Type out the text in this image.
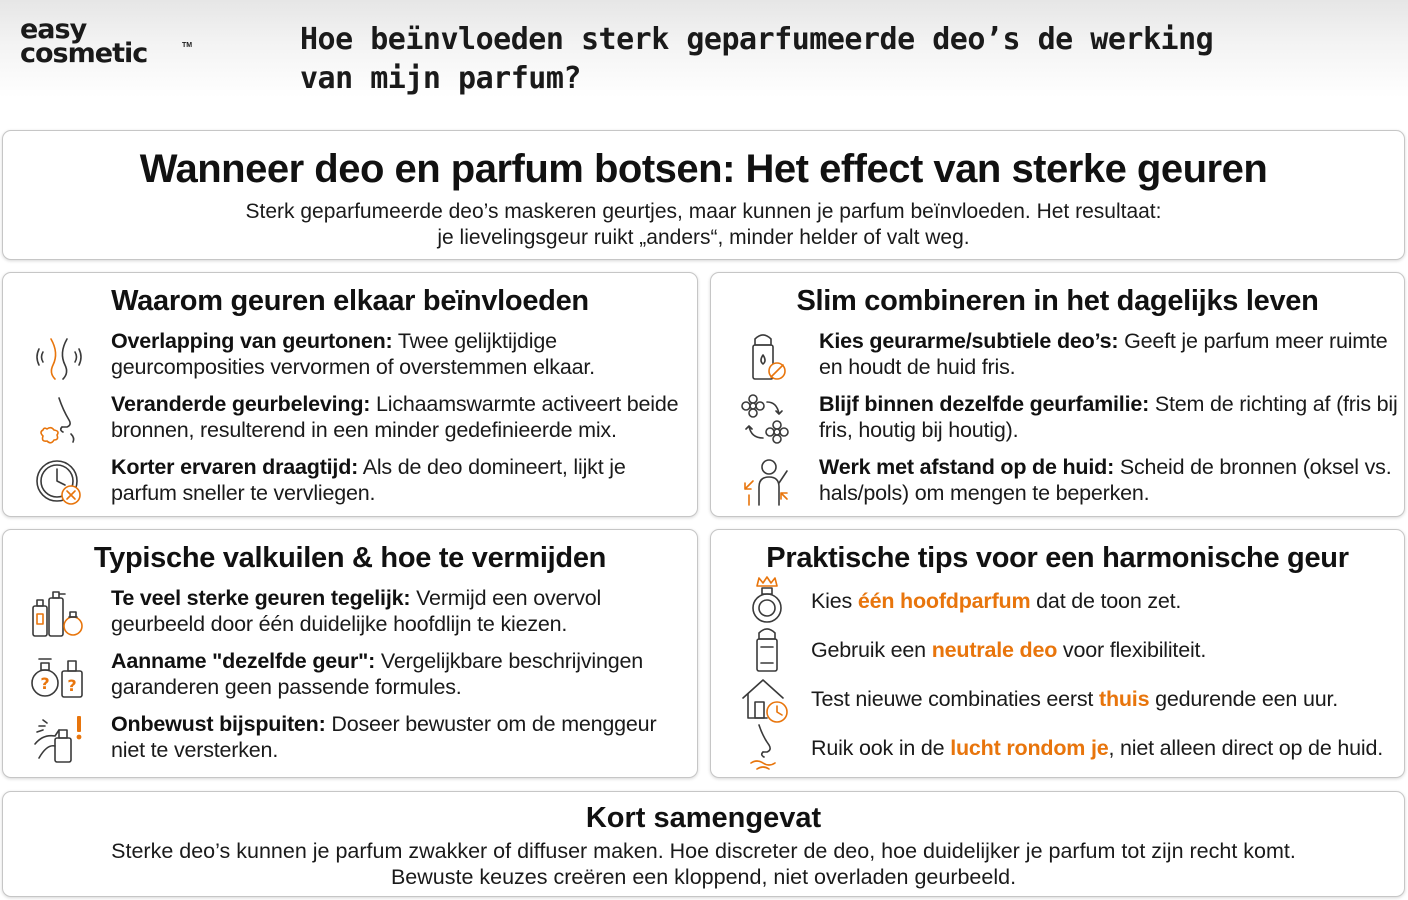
easy
cosmetic	TM	Hoe beïnvloeden sterk geparfumeerde deo’s de werking van mijn parfum?
Wanneer deo en parfum botsen: Het effect van sterke geuren
Sterk geparfumeerde deo’s maskeren geurtjes, maar kunnen je parfum beïnvloeden. Het resultaat:
je lievelingsgeur ruikt „anders“, minder helder of valt weg.
Waarom geuren elkaar beïnvloeden
Overlapping van geurtonen: Twee gelijktijdige geurcomposities vervormen of overstemmen elkaar.
Veranderde geurbeleving: Lichaamswarmte activeert beide bronnen, resulterend in een minder gedefinieerde mix.
Korter ervaren draagtijd: Als de deo domineert, lijkt je parfum sneller te vervliegen.
Slim combineren in het dagelijks leven
Kies geurarme/subtiele deo’s: Geeft je parfum meer ruimte en houdt de huid fris.
Blijf binnen dezelfde geurfamilie: Stem de richting af (fris bij fris, houtig bij houtig).
Werk met afstand op de huid: Scheid de bronnen (oksel vs. hals/pols) om mengen te beperken.
Typische valkuilen & hoe te vermijden
Te veel sterke geuren tegelijk: Vermijd een overvol geurbeeld door één duidelijke hoofdlijn te kiezen.
? ?
Aanname "dezelfde geur": Vergelijkbare beschrijvingen garanderen geen passende formules.
Onbewust bijspuiten: Doseer bewuster om de menggeur niet te versterken.
Praktische tips voor een harmonische geur
Kies één hoofdparfum dat de toon zet.
Gebruik een neutrale deo voor flexibiliteit.
Test nieuwe combinaties eerst thuis gedurende een uur.
Ruik ook in de lucht rondom je, niet alleen direct op de huid.
Kort samengevat
Sterke deo’s kunnen je parfum zwakker of diffuser maken. Hoe discreter de deo, hoe duidelijker je parfum tot zijn recht komt.
Bewuste keuzes creëren een kloppend, niet overladen geurbeeld.
